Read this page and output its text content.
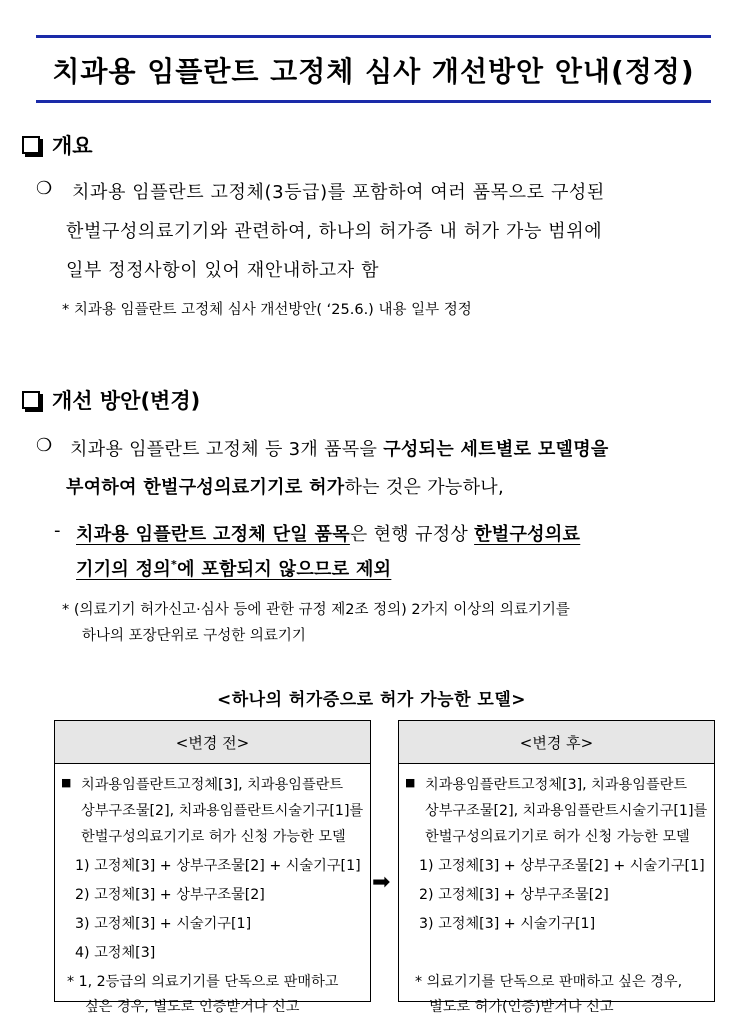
치과용 임플란트 고정체 심사 개선방안 안내(정정)
개요
❍ 치과용 임플란트 고정체(3등급)를 포함하여 여러 품목으로 구성된
한벌구성의료기기와 관련하여, 하나의 허가증 내 허가 가능 범위에
일부 정정사항이 있어 재안내하고자 함
* 치과용 임플란트 고정체 심사 개선방안( ‘25.6.) 내용 일부 정정
개선 방안(변경)
❍ 치과용 임플란트 고정체 등 3개 품목을 구성되는 세트별로 모델명을
부여하여 한벌구성의료기기로 허가하는 것은 가능하나,
- 치과용 임플란트 고정체 단일 품목은 현행 규정상 한벌구성의료
기기의 정의*에 포함되지 않으므로 제외
* (의료기기 허가신고·심사 등에 관한 규정 제2조 정의) 2가지 이상의 의료기기를
하나의 포장단위로 구성한 의료기기
<하나의 허가증으로 허가 가능한 모델>
<변경 전>
■ 치과용임플란트고정체[3], 치과용임플란트
상부구조물[2], 치과용임플란트시술기구[1]를
한벌구성의료기기로 허가 신청 가능한 모델
1) 고정체[3] + 상부구조물[2] + 시술기구[1]
2) 고정체[3] + 상부구조물[2]
3) 고정체[3] + 시술기구[1]
4) 고정체[3]
* 1, 2등급의 의료기기를 단독으로 판매하고
싶은 경우, 별도로 인증받거나 신고
➡
<변경 후>
■ 치과용임플란트고정체[3], 치과용임플란트
상부구조물[2], 치과용임플란트시술기구[1]를
한벌구성의료기기로 허가 신청 가능한 모델
1) 고정체[3] + 상부구조물[2] + 시술기구[1]
2) 고정체[3] + 상부구조물[2]
3) 고정체[3] + 시술기구[1]
* 의료기기를 단독으로 판매하고 싶은 경우,
별도로 허가(인증)받거나 신고
